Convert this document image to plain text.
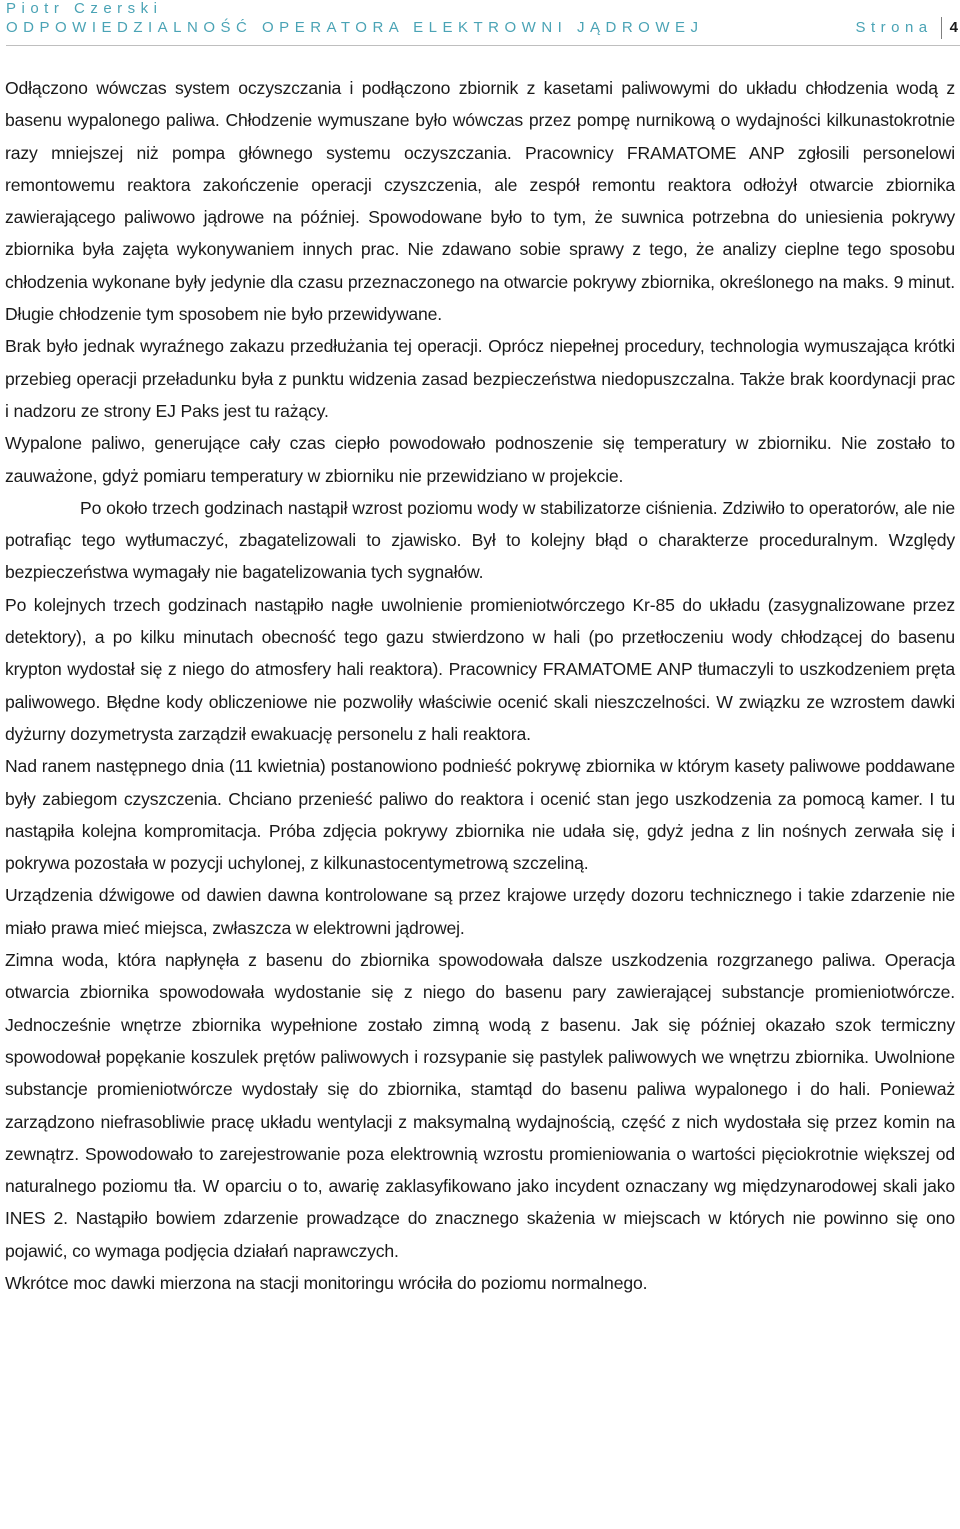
Piotr Czerski
ODPOWIEDZIALNOŚĆ OPERATORA ELEKTROWNI JĄDROWEJ	Strona	4

Odłączono wówczas system oczyszczania i podłączono zbiornik z kasetami paliwowymi do układu chłodzenia wodą z basenu wypalonego paliwa. Chłodzenie wymuszane było wówczas przez pompę nurnikową o wydajności kilkunastokrotnie razy mniejszej niż pompa głównego systemu oczyszczania. Pracownicy FRAMATOME ANP zgłosili personelowi remontowemu reaktora zakończenie operacji czyszczenia, ale zespół remontu reaktora odłożył otwarcie zbiornika zawierającego paliwowo jądrowe na później. Spowodowane było to tym, że suwnica potrzebna do uniesienia pokrywy zbiornika była zajęta wykonywaniem innych prac. Nie zdawano sobie sprawy z tego, że analizy cieplne tego sposobu chłodzenia wykonane były jedynie dla czasu przeznaczonego na otwarcie pokrywy zbiornika, określonego na maks. 9 minut. Długie chłodzenie tym sposobem nie było przewidywane.

Brak było jednak wyraźnego zakazu przedłużania tej operacji. Oprócz niepełnej procedury, technologia wymuszająca krótki przebieg operacji przeładunku była z punktu widzenia zasad bezpieczeństwa niedopuszczalna. Także brak koordynacji prac i nadzoru ze strony EJ Paks jest tu rażący.

Wypalone paliwo, generujące cały czas ciepło powodowało podnoszenie się temperatury w zbiorniku. Nie zostało to zauważone, gdyż pomiaru temperatury w zbiorniku nie przewidziano w projekcie.

Po około trzech godzinach nastąpił wzrost poziomu wody w stabilizatorze ciśnienia. Zdziwiło to operatorów, ale nie potrafiąc tego wytłumaczyć, zbagatelizowali to zjawisko. Był to kolejny błąd o charakterze proceduralnym. Względy bezpieczeństwa wymagały nie bagatelizowania tych sygnałów.

Po kolejnych trzech godzinach nastąpiło nagłe uwolnienie promieniotwórczego Kr-85 do układu (zasygnalizowane przez detektory), a po kilku minutach obecność tego gazu stwierdzono w hali (po przetłoczeniu wody chłodzącej do basenu krypton wydostał się z niego do atmosfery hali reaktora). Pracownicy FRAMATOME ANP tłumaczyli to uszkodzeniem pręta paliwowego. Błędne kody obliczeniowe nie pozwoliły właściwie ocenić skali nieszczelności. W związku ze wzrostem dawki dyżurny dozymetrysta zarządził ewakuację personelu z hali reaktora.

Nad ranem następnego dnia (11 kwietnia) postanowiono podnieść pokrywę zbiornika w którym kasety paliwowe poddawane były zabiegom czyszczenia. Chciano przenieść paliwo do reaktora i ocenić stan jego uszkodzenia za pomocą kamer. I tu nastąpiła kolejna kompromitacja. Próba zdjęcia pokrywy zbiornika nie udała się, gdyż jedna z lin nośnych zerwała się i pokrywa pozostała w pozycji uchylonej, z kilkunastocentymetrową szczeliną.

Urządzenia dźwigowe od dawien dawna kontrolowane są przez krajowe urzędy dozoru technicznego i takie zdarzenie nie miało prawa mieć miejsca, zwłaszcza w elektrowni jądrowej.

Zimna woda, która napłynęła z basenu do zbiornika spowodowała dalsze uszkodzenia rozgrzanego paliwa. Operacja otwarcia zbiornika spowodowała wydostanie się z niego do basenu pary zawierającej substancje promieniotwórcze. Jednocześnie wnętrze zbiornika wypełnione zostało zimną wodą z basenu. Jak się później okazało szok termiczny spowodował popękanie koszulek prętów paliwowych i rozsypanie się pastylek paliwowych we wnętrzu zbiornika. Uwolnione substancje promieniotwórcze wydostały się do zbiornika, stamtąd do basenu paliwa wypalonego i do hali. Ponieważ zarządzono niefrasobliwie pracę układu wentylacji z maksymalną wydajnością, część z nich wydostała się przez komin na zewnątrz. Spowodowało to zarejestrowanie poza elektrownią wzrostu promieniowania o wartości pięciokrotnie większej od naturalnego poziomu tła. W oparciu o to, awarię zaklasyfikowano jako incydent oznaczany wg międzynarodowej skali jako INES 2. Nastąpiło bowiem zdarzenie prowadzące do znacznego skażenia w miejscach w których nie powinno się ono pojawić, co wymaga podjęcia działań naprawczych.

Wkrótce moc dawki mierzona na stacji monitoringu wróciła do poziomu normalnego.
